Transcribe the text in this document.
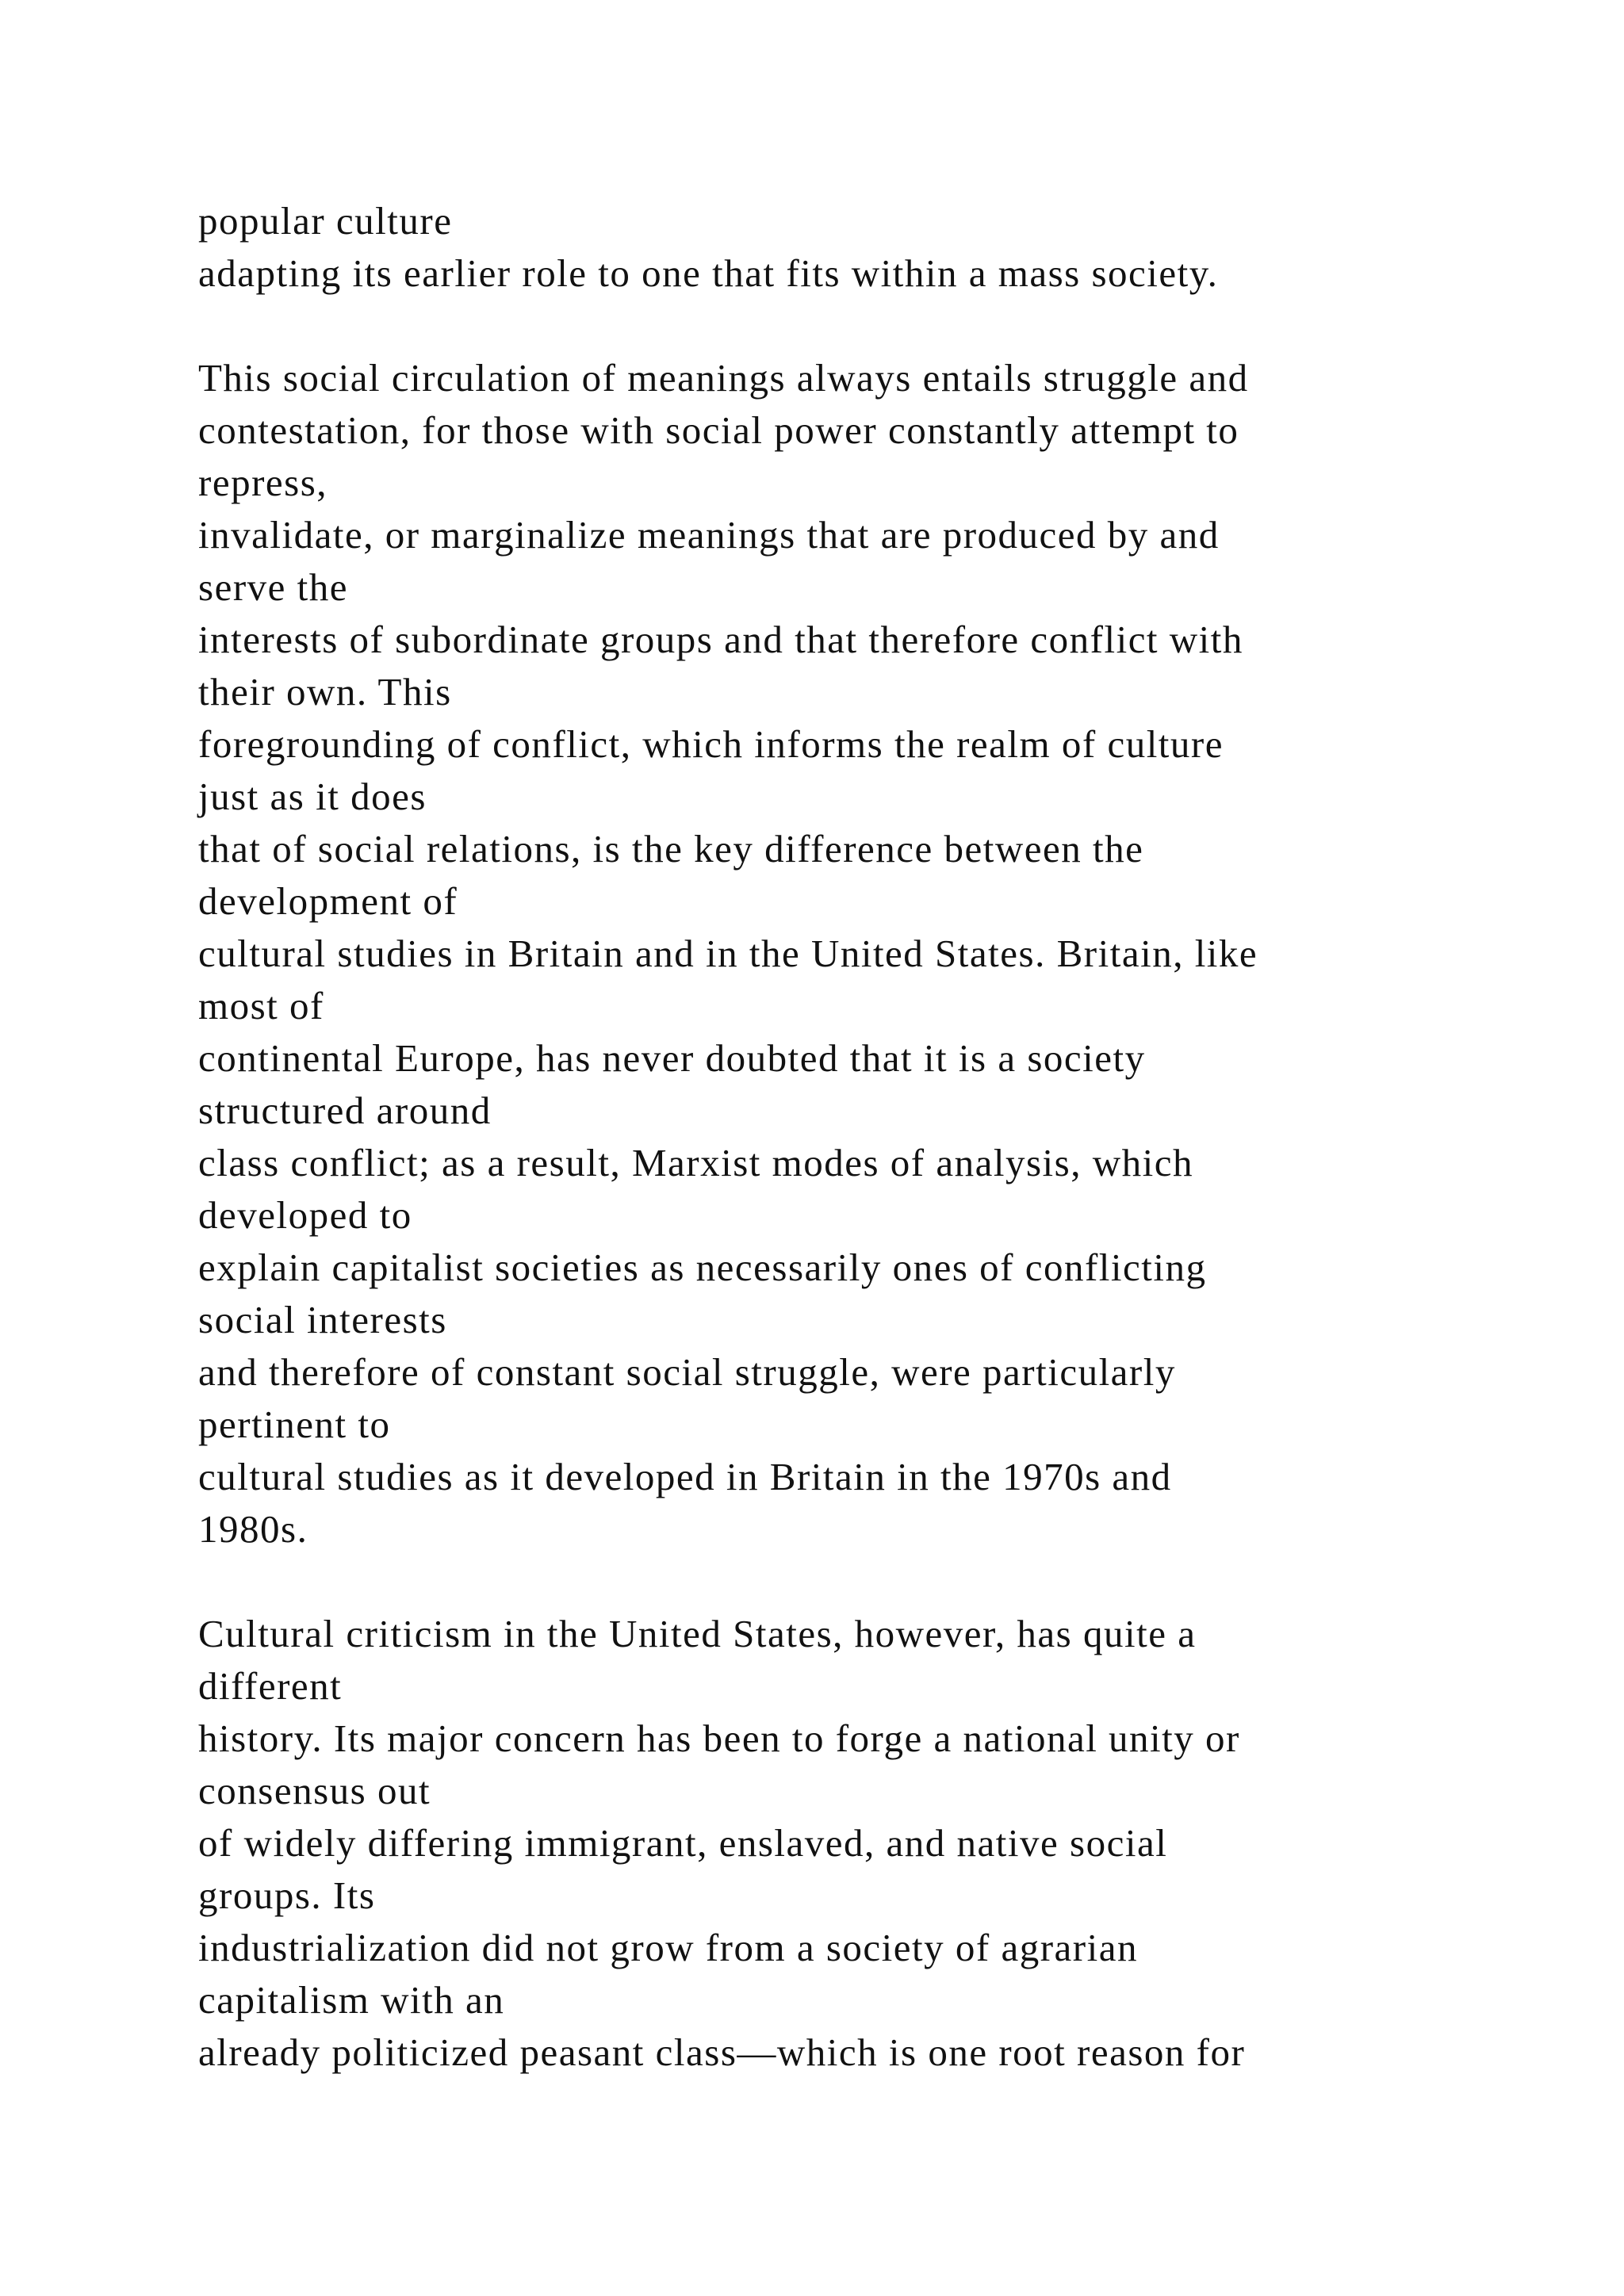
popular culture
adapting its earlier role to one that fits within a mass society.
This social circulation of meanings always entails struggle and
contestation, for those with social power constantly attempt to
repress,
invalidate, or marginalize meanings that are produced by and
serve the
interests of subordinate groups and that therefore conflict with
their own. This
foregrounding of conflict, which informs the realm of culture
just as it does
that of social relations, is the key difference between the
development of
cultural studies in Britain and in the United States. Britain, like
most of
continental Europe, has never doubted that it is a society
structured around
class conflict; as a result, Marxist modes of analysis, which
developed to
explain capitalist societies as necessarily ones of conflicting
social interests
and therefore of constant social struggle, were particularly
pertinent to
cultural studies as it developed in Britain in the 1970s and
1980s.
Cultural criticism in the United States, however, has quite a
different
history. Its major concern has been to forge a national unity or
consensus out
of widely differing immigrant, enslaved, and native social
groups. Its
industrialization did not grow from a society of agrarian
capitalism with an
already politicized peasant class—which is one root reason for
